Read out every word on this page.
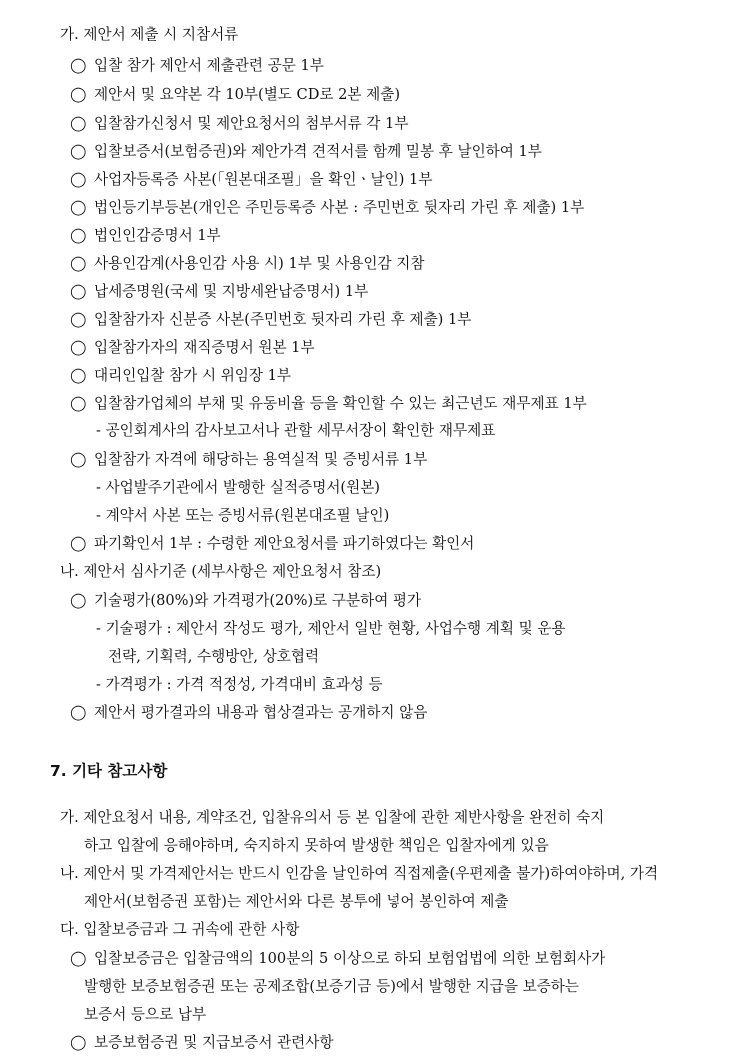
가. 제안서 제출 시 지참서류
◯ 입찰 참가 제안서 제출관련 공문 1부
◯ 제안서 및 요약본 각 10부(별도 CD로 2본 제출)
◯ 입찰참가신청서 및 제안요청서의 첨부서류 각 1부
◯ 입찰보증서(보험증권)와 제안가격 견적서를 함께 밀봉 후 날인하여 1부
◯ 사업자등록증 사본(「원본대조필」을 확인ㆍ날인) 1부
◯ 법인등기부등본(개인은 주민등록증 사본 : 주민번호 뒷자리 가린 후 제출) 1부
◯ 법인인감증명서 1부
◯ 사용인감계(사용인감 사용 시) 1부 및 사용인감 지참
◯ 납세증명원(국세 및 지방세완납증명서) 1부
◯ 입찰참가자 신분증 사본(주민번호 뒷자리 가린 후 제출) 1부
◯ 입찰참가자의 재직증명서 원본 1부
◯ 대리인입찰 참가 시 위임장 1부
◯ 입찰참가업체의 부채 및 유동비율 등을 확인할 수 있는 최근년도 재무제표 1부
- 공인회계사의 감사보고서나 관할 세무서장이 확인한 재무제표
◯ 입찰참가 자격에 해당하는 용역실적 및 증빙서류 1부
- 사업발주기관에서 발행한 실적증명서(원본)
- 계약서 사본 또는 증빙서류(원본대조필 날인)
◯ 파기확인서 1부 : 수령한 제안요청서를 파기하였다는 확인서
나. 제안서 심사기준 (세부사항은 제안요청서 참조)
◯ 기술평가(80%)와 가격평가(20%)로 구분하여 평가
- 기술평가 : 제안서 작성도 평가, 제안서 일반 현황, 사업수행 계획 및 운용
전략, 기획력, 수행방안, 상호협력
- 가격평가 : 가격 적정성, 가격대비 효과성 등
◯ 제안서 평가결과의 내용과 협상결과는 공개하지 않음
7. 기타 참고사항
가. 제안요청서 내용, 계약조건, 입찰유의서 등 본 입찰에 관한 제반사항을 완전히 숙지
하고 입찰에 응해야하며, 숙지하지 못하여 발생한 책임은 입찰자에게 있음
나. 제안서 및 가격제안서는 반드시 인감을 날인하여 직접제출(우편제출 불가)하여야하며, 가격
제안서(보험증권 포함)는 제안서와 다른 봉투에 넣어 봉인하여 제출
다. 입찰보증금과 그 귀속에 관한 사항
◯ 입찰보증금은 입찰금액의 100분의 5 이상으로 하되 보험업법에 의한 보험회사가
발행한 보증보험증권 또는 공제조합(보증기금 등)에서 발행한 지급을 보증하는
보증서 등으로 납부
◯ 보증보험증권 및 지급보증서 관련사항
